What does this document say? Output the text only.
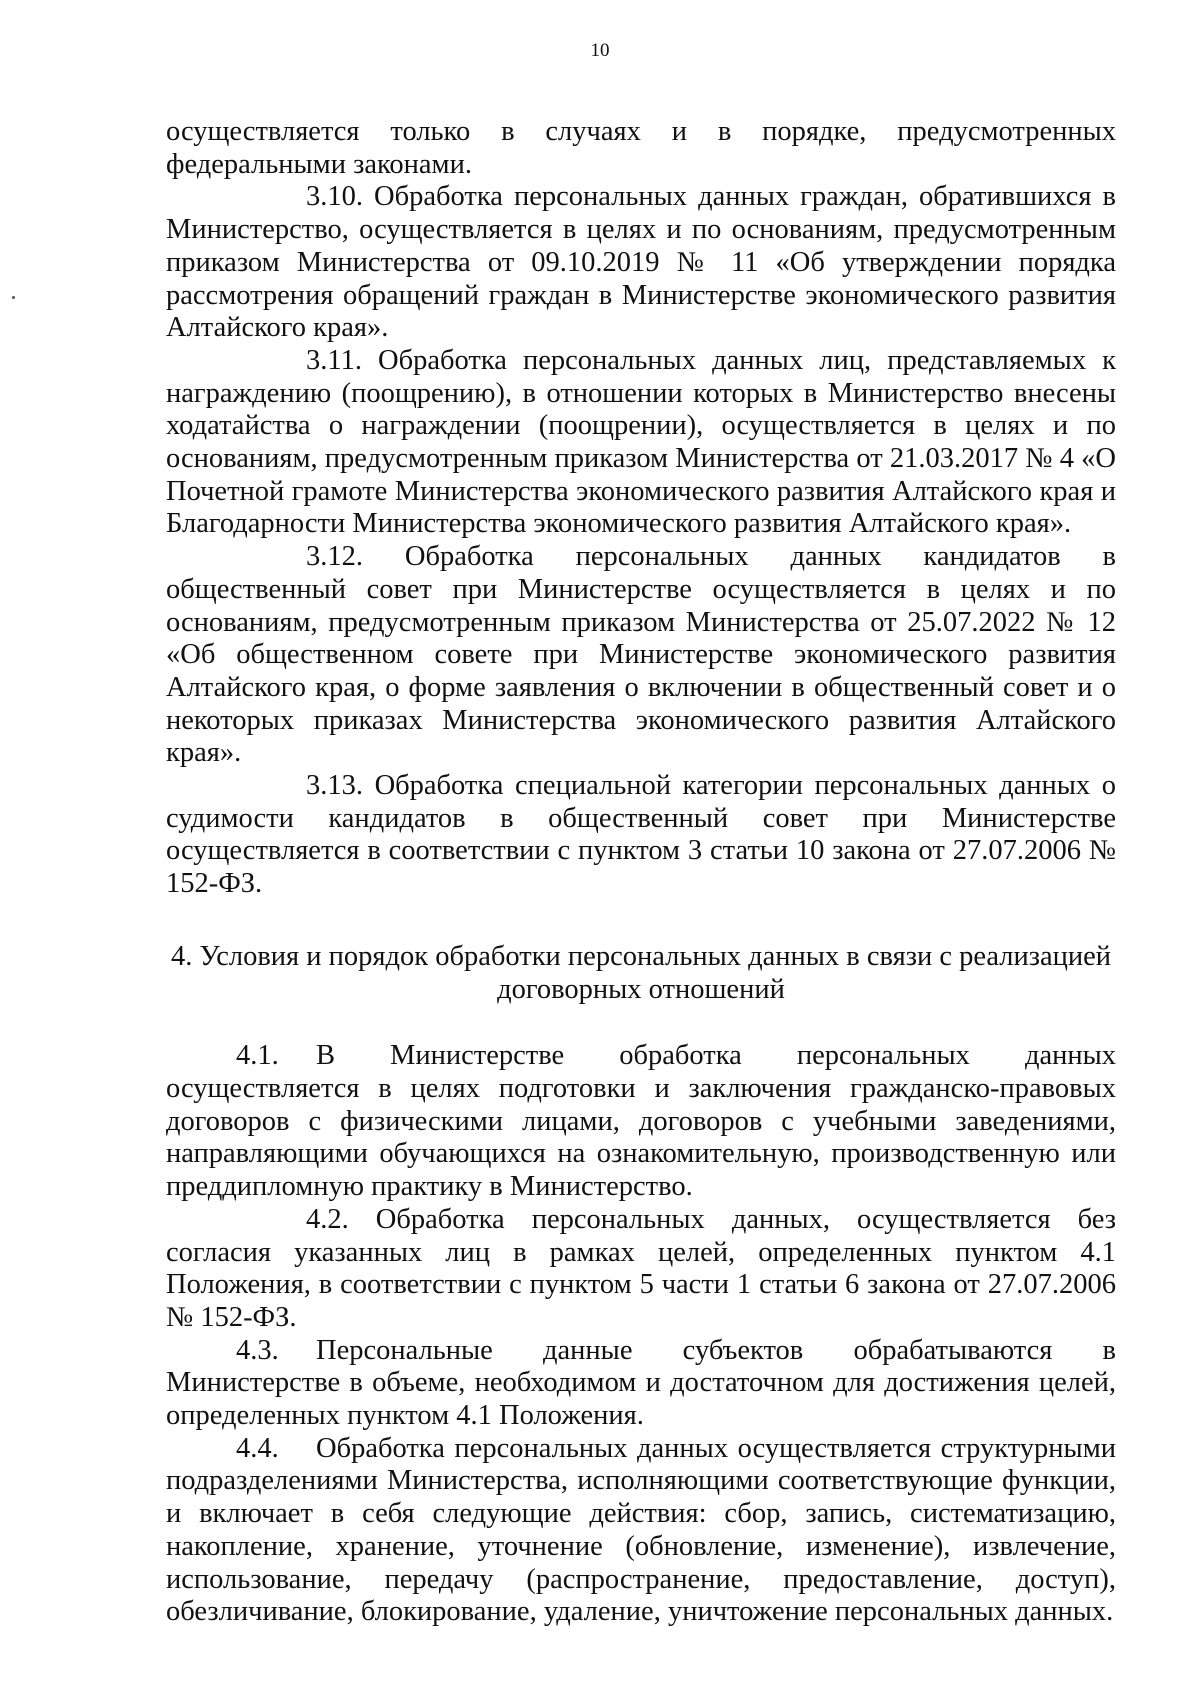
10

осуществляется только в случаях и в порядке, предусмотренных федеральными законами.

3.10. Обработка персональных данных граждан, обратившихся в Министерство, осуществляется в целях и по основаниям, предусмотренным приказом Министерства от 09.10.2019 № 11 «Об утверждении порядка рассмотрения обращений граждан в Министерстве экономического развития Алтайского края».

3.11. Обработка персональных данных лиц, представляемых к награждению (поощрению), в отношении которых в Министерство внесены ходатайства о награждении (поощрении), осуществляется в целях и по основаниям, предусмотренным приказом Министерства от 21.03.2017 № 4 «О Почетной грамоте Министерства экономического развития Алтайского края и Благодарности Министерства экономического развития Алтайского края».

3.12. Обработка персональных данных кандидатов в общественный совет при Министерстве осуществляется в целях и по основаниям, предусмотренным приказом Министерства от 25.07.2022 № 12 «Об общественном совете при Министерстве экономического развития Алтайского края, о форме заявления о включении в общественный совет и о некоторых приказах Министерства экономического развития Алтайского края».

3.13. Обработка специальной категории персональных данных о судимости кандидатов в общественный совет при Министерстве осуществляется в соответствии с пунктом 3 статьи 10 закона от 27.07.2006 № 152-ФЗ.

4. Условия и порядок обработки персональных данных в связи с реализацией договорных отношений

4.1. В Министерстве обработка персональных данных осуществляется в целях подготовки и заключения гражданско-правовых договоров с физическими лицами, договоров с учебными заведениями, направляющими обучающихся на ознакомительную, производственную или преддипломную практику в Министерство.

4.2. Обработка персональных данных, осуществляется без согласия указанных лиц в рамках целей, определенных пунктом 4.1 Положения, в соответствии с пунктом 5 части 1 статьи 6 закона от 27.07.2006 № 152-ФЗ.

4.3. Персональные данные субъектов обрабатываются в Министерстве в объеме, необходимом и достаточном для достижения целей, определенных пунктом 4.1 Положения.

4.4. Обработка персональных данных осуществляется структурными подразделениями Министерства, исполняющими соответствующие функции, и включает в себя следующие действия: сбор, запись, систематизацию, накопление, хранение, уточнение (обновление, изменение), извлечение, использование, передачу (распространение, предоставление, доступ), обезличивание, блокирование, удаление, уничтожение персональных данных.
